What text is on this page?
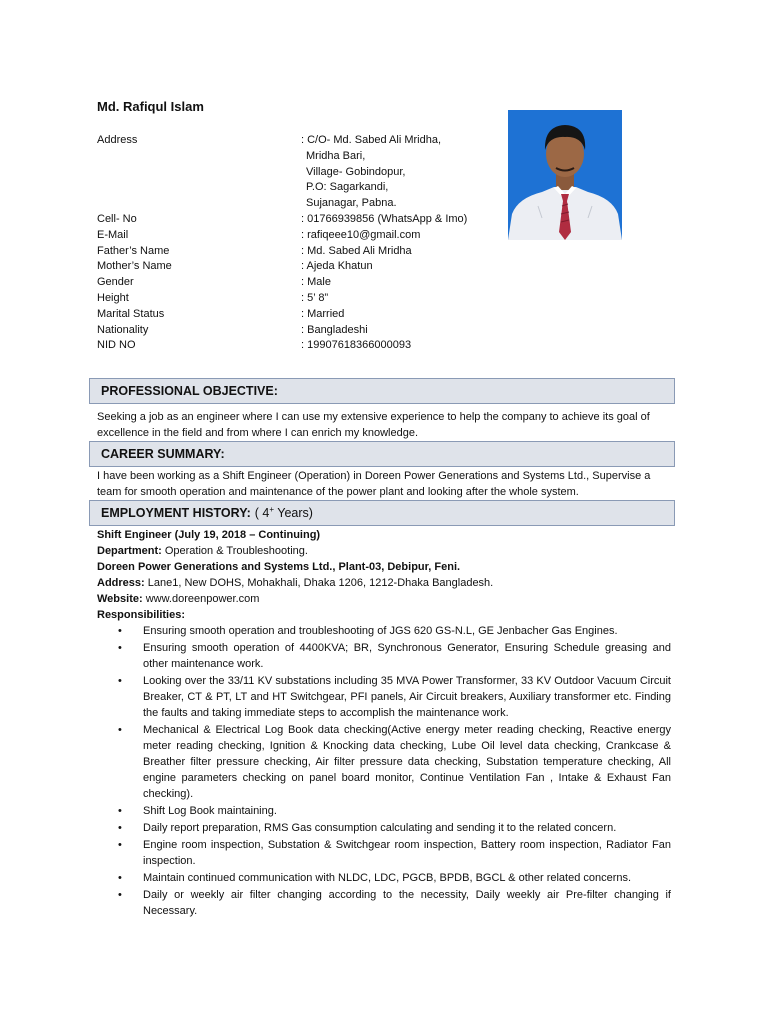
Md. Rafiqul Islam
Address	: C/O- Md. Sabed Ali Mridha,
Mridha Bari,
Village- Gobindopur,
P.O: Sagarkandi,
Sujanagar, Pabna.
Cell- No	: 01766939856 (WhatsApp & Imo)
E-Mail	: rafiqeee10@gmail.com
Father’s Name	: Md. Sabed Ali Mridha
Mother’s Name	: Ajeda Khatun
Gender	: Male
Height	: 5’ 8”
Marital Status	: Married
Nationality	: Bangladeshi
NID NO	: 19907618366000093
PROFESSIONAL OBJECTIVE:
Seeking a job as an engineer where I can use my extensive experience to help the company to achieve its goal of excellence in the field and from where I can enrich my knowledge.
CAREER SUMMARY:
I have been working as a Shift Engineer (Operation) in Doreen Power Generations and Systems Ltd., Supervise a team for smooth operation and maintenance of the power plant and looking after the whole system.
EMPLOYMENT HISTORY: ( 4+ Years)
Shift Engineer (July 19, 2018 – Continuing)
Department: Operation & Troubleshooting.
Doreen Power Generations and Systems Ltd., Plant-03, Debipur, Feni.
Address: Lane1, New DOHS, Mohakhali, Dhaka 1206, 1212-Dhaka Bangladesh.
Website: www.doreenpower.com
Responsibilities:
• Ensuring smooth operation and troubleshooting of JGS 620 GS-N.L, GE Jenbacher Gas Engines.
• Ensuring smooth operation of 4400KVA; BR, Synchronous Generator, Ensuring Schedule greasing and other maintenance work.
• Looking over the 33/11 KV substations including 35 MVA Power Transformer, 33 KV Outdoor Vacuum Circuit Breaker, CT & PT, LT and HT Switchgear, PFI panels, Air Circuit breakers, Auxiliary transformer etc. Finding the faults and taking immediate steps to accomplish the maintenance work.
• Mechanical & Electrical Log Book data checking(Active energy meter reading checking, Reactive energy meter reading checking, Ignition & Knocking data checking, Lube Oil level data checking, Crankcase & Breather filter pressure checking, Air filter pressure data checking, Substation temperature checking, All engine parameters checking on panel board monitor, Continue Ventilation Fan , Intake & Exhaust Fan checking).
• Shift Log Book maintaining.
• Daily report preparation, RMS Gas consumption calculating and sending it to the related concern.
• Engine room inspection, Substation & Switchgear room inspection, Battery room inspection, Radiator Fan inspection.
• Maintain continued communication with NLDC, LDC, PGCB, BPDB, BGCL & other related concerns.
• Daily or weekly air filter changing according to the necessity, Daily weekly air Pre-filter changing if Necessary.
